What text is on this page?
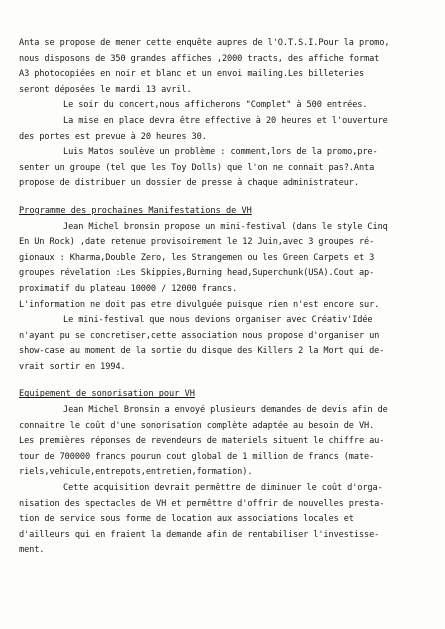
Anta se propose de mener cette enquête aupres de l'O.T.S.I.Pour la promo,
nous disposons de 350 grandes affiches ,2000 tracts, des affiche format
A3 photocopiées en noir et blanc et un envoi mailing.Les billeteries
seront déposées le mardi 13 avril.
Le soir du concert,nous afficherons "Complet" à 500 entrées.
La mise en place devra être effective à 20 heures et l'ouverture
des portes est prevue à 20 heures 30.
Luis Matos soulève un problème : comment,lors de la promo,pre-
senter un groupe (tel que les Toy Dolls) que l'on ne connait pas?.Anta
propose de distribuer un dossier de presse à chaque administrateur.
Programme des prochaines Manifestations de VH
Jean Michel bronsin propose un mini-festival (dans le style Cinq
En Un Rock) ,date retenue provisoirement le 12 Juin,avec 3 groupes ré-
gionaux : Kharma,Double Zero, les Strangemen ou les Green Carpets et 3
groupes révelation :Les Skippies,Burning head,Superchunk(USA).Cout ap-
proximatif du plateau 10000 / 12000 francs.
L'information ne doit pas etre divulguée puisque rien n'est encore sur.
Le mini-festival que nous devions organiser avec Créativ'Idée
n'ayant pu se concretiser,cette association nous propose d'organiser un
show-case au moment de la sortie du disque des Killers 2 la Mort qui de-
vrait sortir en 1994.
Equipement de sonorisation pour VH
Jean Michel Bronsin a envoyé plusieurs demandes de devis afin de
connaitre le coût d'une sonorisation complète adaptée au besoin de VH.
Les premières réponses de revendeurs de materiels situent le chiffre au-
tour de 700000 francs pourun cout global de 1 million de francs (mate-
riels,vehicule,entrepots,entretien,formation).
Cette acquisition devrait permêttre de diminuer le coût d'orga-
nisation des spectacles de VH et permêttre d'offrir de nouvelles presta-
tion de service sous forme de location aux associations locales et
d'ailleurs qui en fraient la demande afin de rentabiliser l'investisse-
ment.
